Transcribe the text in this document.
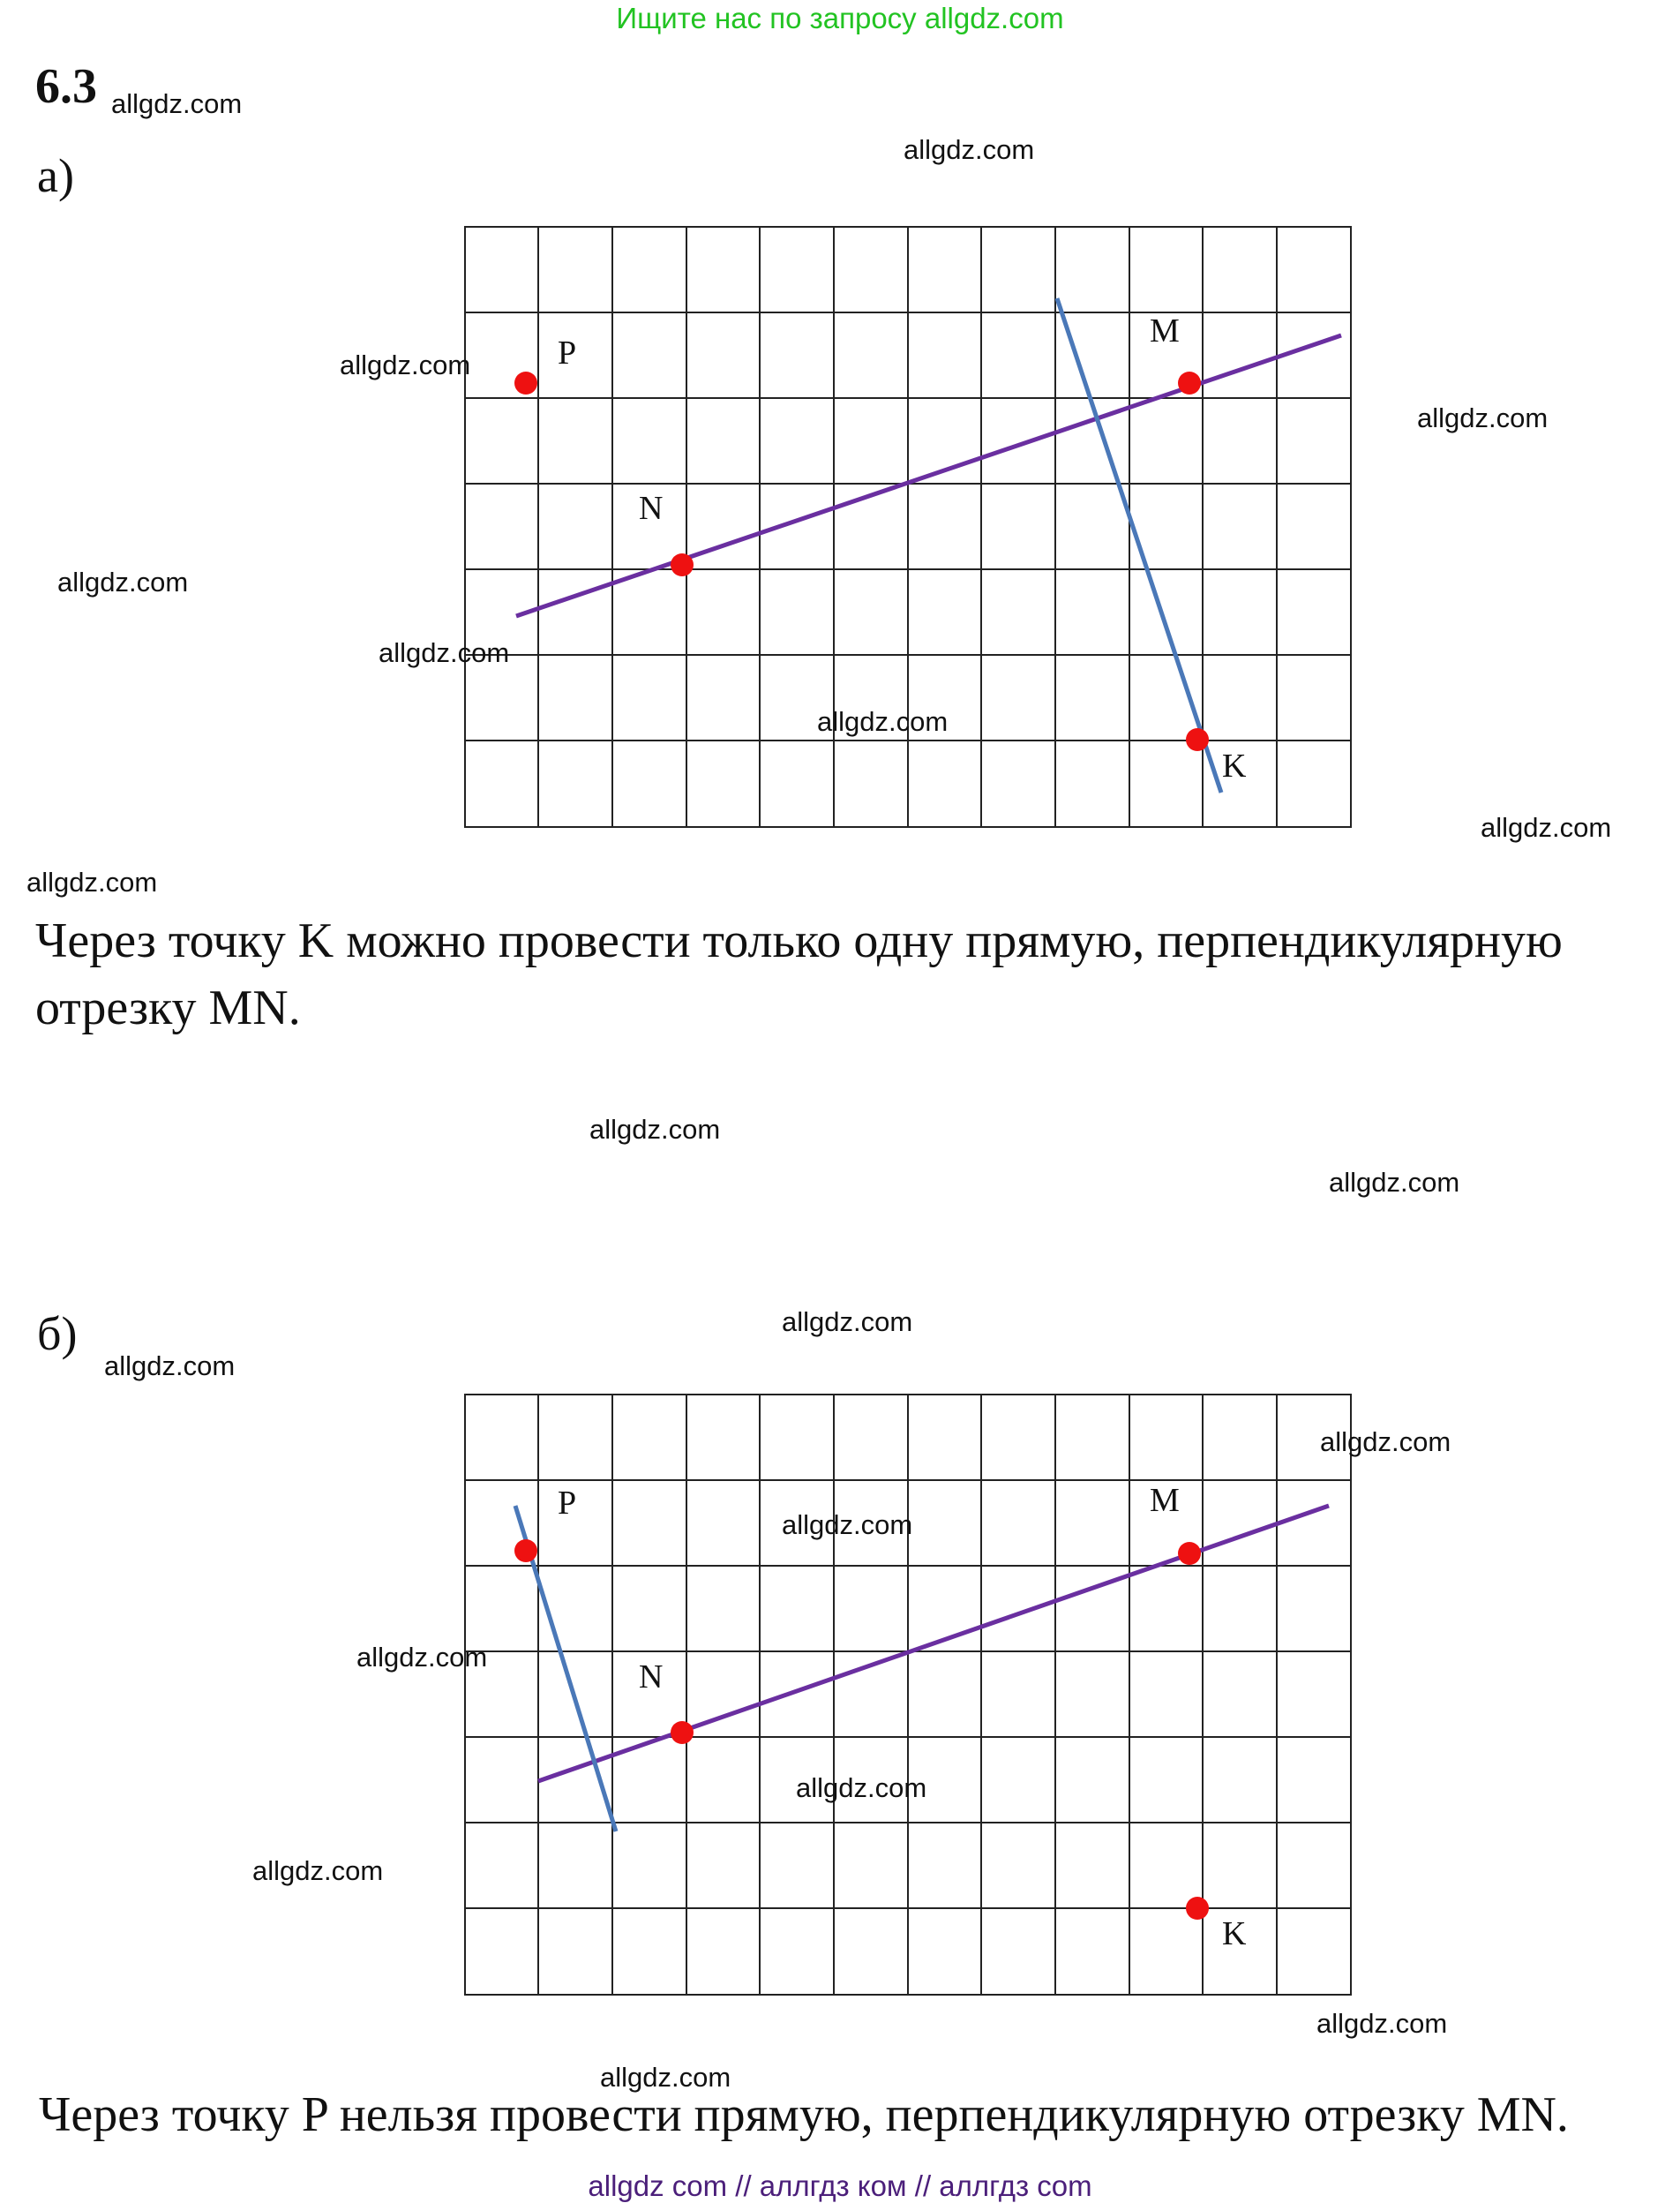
Ищите нас по запросу allgdz.com
6.3
а)
б)
P
M
N
K
P	M
N
K
Через точку K можно провести только одну прямую, перпендикулярную
отрезку MN.
Через точку P нельзя провести прямую, перпендикулярную отрезку MN.
allgdz.com
allgdz.com
allgdz.com
allgdz.com
allgdz.com
allgdz.com
allgdz.com
allgdz.com
allgdz.com
allgdz.com
allgdz.com
allgdz.com
allgdz.com
allgdz.com
allgdz.com
allgdz.com
allgdz.com
allgdz.com
allgdz.com
allgdz.com
allgdz com // аллгдз ком // аллгдз com
